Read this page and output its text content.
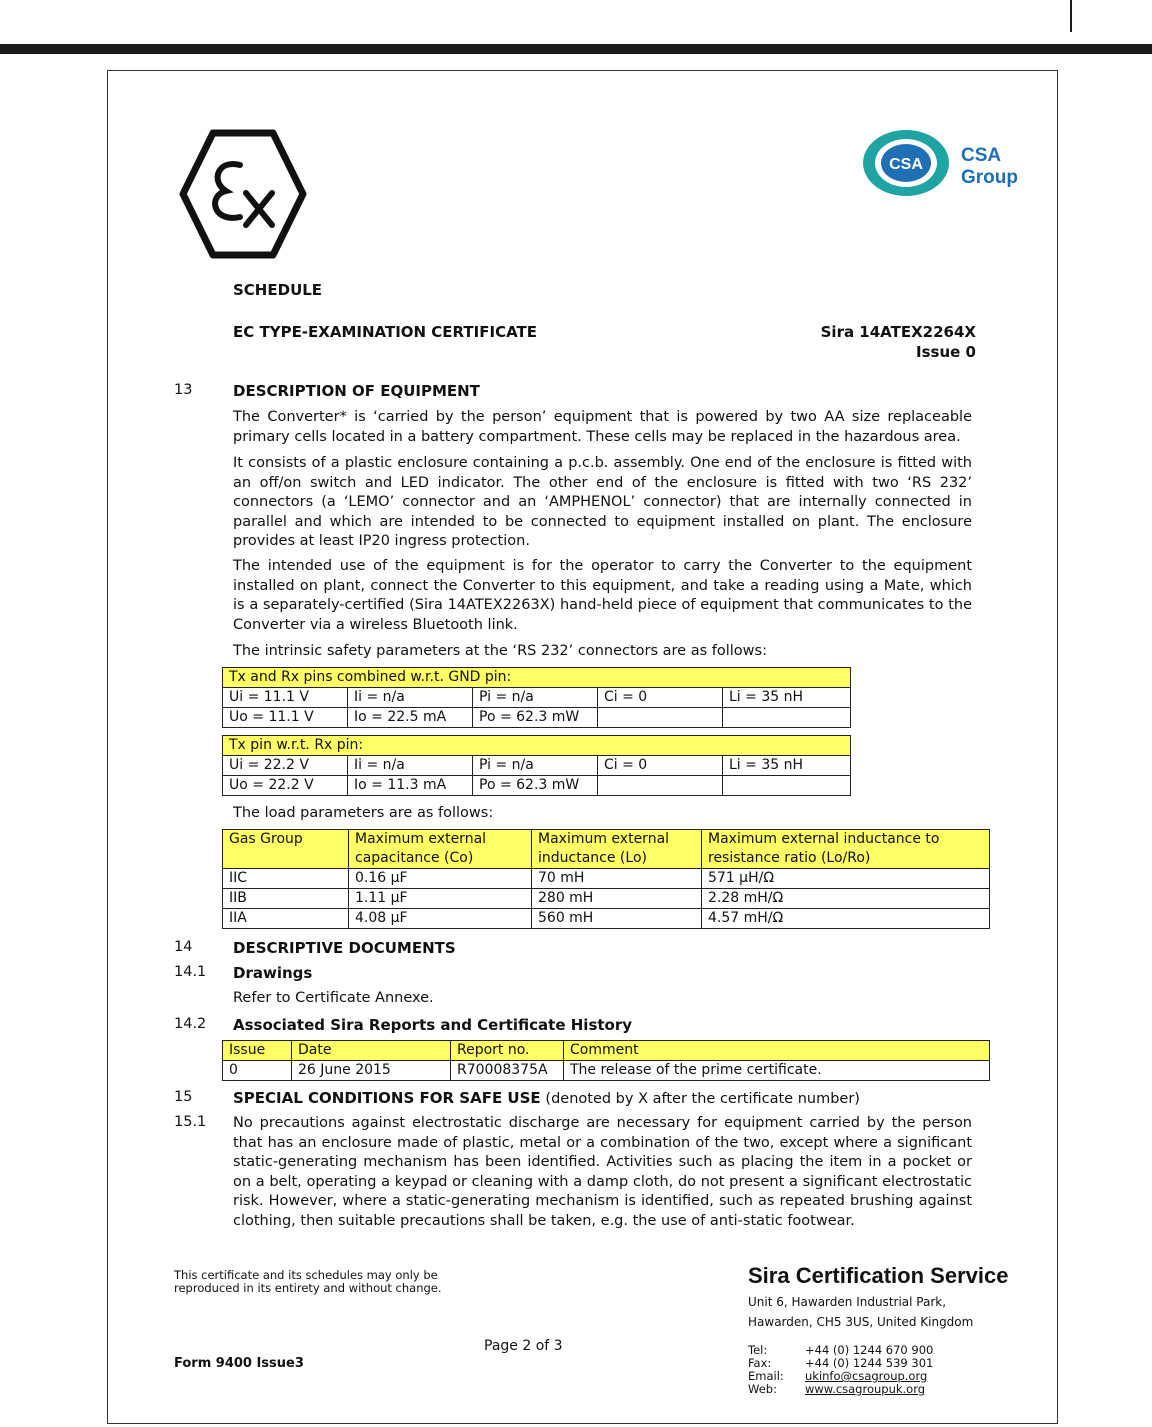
CSA CSA
Group
SCHEDULE
EC TYPE-EXAMINATION CERTIFICATE	Sira 14ATEX2264X
Issue 0
13	DESCRIPTION OF EQUIPMENT
The Converter* is ‘carried by the person’ equipment that is powered by two AA size replaceable primary cells located in a battery compartment. These cells may be replaced in the hazardous area.
It consists of a plastic enclosure containing a p.c.b. assembly. One end of the enclosure is fitted with an off/on switch and LED indicator. The other end of the enclosure is fitted with two ‘RS 232’ connectors (a ‘LEMO’ connector and an ‘AMPHENOL’ connector) that are internally connected in parallel and which are intended to be connected to equipment installed on plant. The enclosure provides at least IP20 ingress protection.
The intended use of the equipment is for the operator to carry the Converter to the equipment installed on plant, connect the Converter to this equipment, and take a reading using a Mate, which is a separately-certified (Sira 14ATEX2263X) hand-held piece of equipment that communicates to the Converter via a wireless Bluetooth link.
The intrinsic safety parameters at the ‘RS 232’ connectors are as follows:
Tx and Rx pins combined w.r.t. GND pin:				
Ui = 11.1 V	Ii = n/a	Pi = n/a	Ci = 0	Li = 35 nH
Uo = 11.1 V	Io = 22.5 mA	Po = 62.3 mW		
Tx pin w.r.t. Rx pin:				
Ui = 22.2 V	Ii = n/a	Pi = n/a	Ci = 0	Li = 35 nH
Uo = 22.2 V	Io = 11.3 mA	Po = 62.3 mW		
The load parameters are as follows:
Gas Group	Maximum external capacitance (Co)	Maximum external inductance (Lo)	Maximum external inductance to resistance ratio (Lo/Ro)
IIC	0.16 µF	70 mH	571 µH/Ω
IIB	1.11 µF	280 mH	2.28 mH/Ω
IIA	4.08 µF	560 mH	4.57 mH/Ω
14	DESCRIPTIVE DOCUMENTS
14.1 Drawings
Refer to Certificate Annexe.
14.2 Associated Sira Reports and Certificate History
Issue	Date	Report no.	Comment
0	26 June 2015	R70008375A	The release of the prime certificate.
15	SPECIAL CONDITIONS FOR SAFE USE (denoted by X after the certificate number)
15.1 No precautions against electrostatic discharge are necessary for equipment carried by the person that has an enclosure made of plastic, metal or a combination of the two, except where a significant static-generating mechanism has been identified. Activities such as placing the item in a pocket or on a belt, operating a keypad or cleaning with a damp cloth, do not present a significant electrostatic risk. However, where a static-generating mechanism is identified, such as repeated brushing against clothing, then suitable precautions shall be taken, e.g. the use of anti-static footwear.
This certificate and its schedules may only be
reproduced in its entirety and without change.
Form 9400 Issue3
Page 2 of 3
Sira Certification Service
Unit 6, Hawarden Industrial Park,
Hawarden, CH5 3US, United Kingdom
Tel:	+44 (0) 1244 670 900
Fax:	+44 (0) 1244 539 301
Email: ukinfo@csagroup.org
Web: www.csagroupuk.org
